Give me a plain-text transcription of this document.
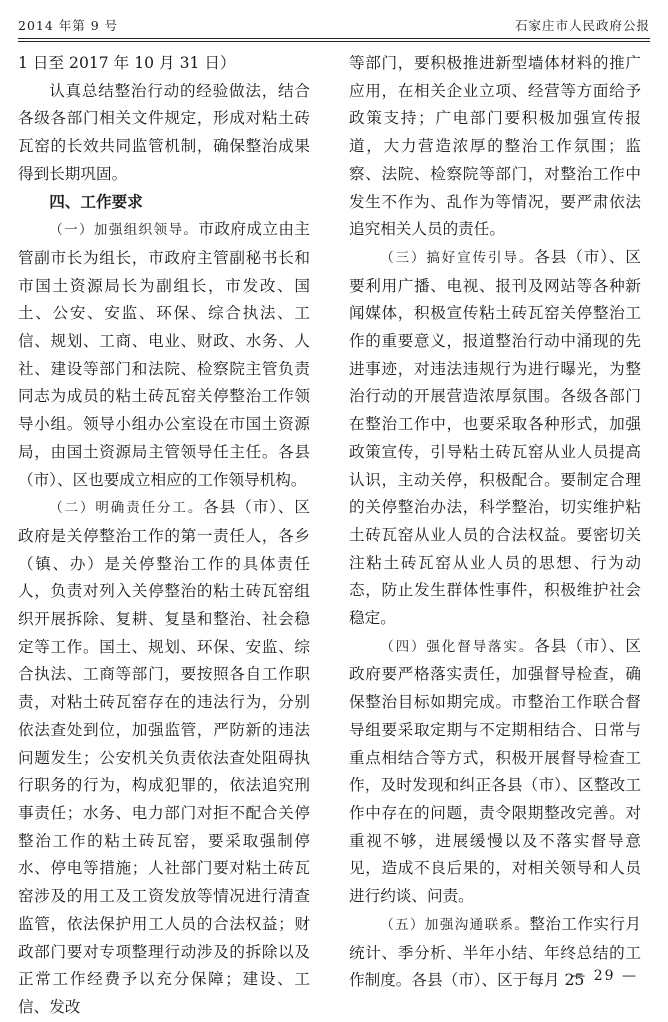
2014 年第 9 号	石家庄市人民政府公报

1 日至 2017 年 10 月 31 日）

认真总结整治行动的经验做法，结合各级各部门相关文件规定，形成对粘土砖瓦窑的长效共同监管机制，确保整治成果得到长期巩固。

四、工作要求

（一）加强组织领导。市政府成立由主管副市长为组长，市政府主管副秘书长和市国土资源局长为副组长，市发改、国土、公安、安监、环保、综合执法、工信、规划、工商、电业、财政、水务、人社、建设等部门和法院、检察院主管负责同志为成员的粘土砖瓦窑关停整治工作领导小组。领导小组办公室设在市国土资源局，由国土资源局主管领导任主任。各县（市）、区也要成立相应的工作领导机构。

（二）明确责任分工。各县（市）、区政府是关停整治工作的第一责任人，各乡（镇、办）是关停整治工作的具体责任人，负责对列入关停整治的粘土砖瓦窑组织开展拆除、复耕、复垦和整治、社会稳定等工作。国土、规划、环保、安监、综合执法、工商等部门，要按照各自工作职责，对粘土砖瓦窑存在的违法行为，分别依法查处到位，加强监管，严防新的违法问题发生；公安机关负责依法查处阻碍执行职务的行为，构成犯罪的，依法追究刑事责任；水务、电力部门对拒不配合关停整治工作的粘土砖瓦窑，要采取强制停水、停电等措施；人社部门要对粘土砖瓦窑涉及的用工及工资发放等情况进行清查监管，依法保护用工人员的合法权益；财政部门要对专项整理行动涉及的拆除以及正常工作经费予以充分保障；建设、工信、发改

等部门，要积极推进新型墙体材料的推广应用，在相关企业立项、经营等方面给予政策支持；广电部门要积极加强宣传报道，大力营造浓厚的整治工作氛围；监察、法院、检察院等部门，对整治工作中发生不作为、乱作为等情况，要严肃依法追究相关人员的责任。

（三）搞好宣传引导。各县（市）、区要利用广播、电视、报刊及网站等各种新闻媒体，积极宣传粘土砖瓦窑关停整治工作的重要意义，报道整治行动中涌现的先进事迹，对违法违规行为进行曝光，为整治行动的开展营造浓厚氛围。各级各部门在整治工作中，也要采取各种形式，加强政策宣传，引导粘土砖瓦窑从业人员提高认识，主动关停，积极配合。要制定合理的关停整治办法，科学整治，切实维护粘土砖瓦窑从业人员的合法权益。要密切关注粘土砖瓦窑从业人员的思想、行为动态，防止发生群体性事件，积极维护社会稳定。

（四）强化督导落实。各县（市）、区政府要严格落实责任，加强督导检查，确保整治目标如期完成。市整治工作联合督导组要采取定期与不定期相结合、日常与重点相结合等方式，积极开展督导检查工作，及时发现和纠正各县（市）、区整改工作中存在的问题，责令限期整改完善。对重视不够，进展缓慢以及不落实督导意见，造成不良后果的，对相关领导和人员进行约谈、问责。

（五）加强沟通联系。整治工作实行月统计、季分析、半年小结、年终总结的工作制度。各县（市）、区于每月 25

— 29 —
